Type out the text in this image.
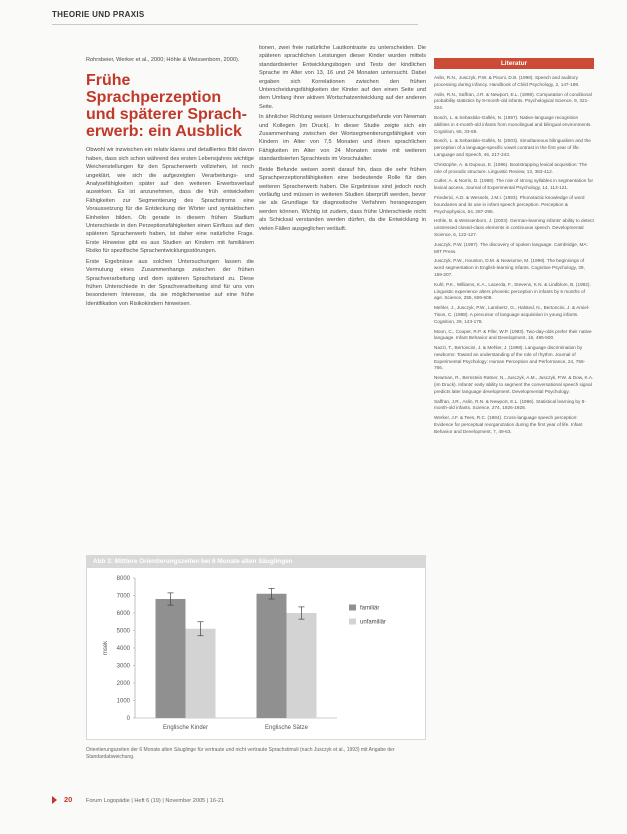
THEORIE UND PRAXIS

Rohrsbeier, Werker et al., 2000; Höhle & Weissenborn, 2000).

Frühe Sprachperzeption und späterer Spracherwerb: ein Ausblick

Obwohl wir inzwischen ein relativ klares und detailliertes Bild davon haben, dass sich schon während des ersten Lebensjahres wichtige Weichenstellungen für den Spracherwerb vollziehen, ist noch ungeklärt, wie sich die aufgezeigten Verarbeitungs- und Analysefähigkeiten später auf den weiteren Erwerbsverlauf auswirken. Es ist anzunehmen, dass die früh entwickelten Fähigkeiten zur Segmentierung des Sprachstroms eine Voraussetzung für die Entdeckung der Wörter und syntaktischen Einheiten bilden. Ob gerade in diesem frühen Stadium Unterschiede in den Perzeptionsfähigkeiten einen Einfluss auf den späteren Spracherwerb haben, ist daher eine natürliche Frage. Erste Hinweise gibt es aus Studien an Kindern mit familiärem Risiko für spezifische Sprachentwicklungsstörungen.

Erste Ergebnisse aus solchen Untersuchungen lassen die Vermutung eines Zusammenhangs zwischen der frühen Sprachverarbeitung und dem späteren Sprachstand zu. Diese frühen Unterschiede in der Sprachverarbeitung sind für uns von besonderem Interesse, da sie möglicherweise auf eine frühe Identifikation von Risikokindern hinweisen.

tionen, zwei freie natürliche Lautkontraste zu unterscheiden. Die späteren sprachlichen Leistungen dieser Kinder wurden mittels standardisierter Entwicklungsbogen und Tests der kindlichen Sprache im Alter von 13, 16 und 24 Monaten untersucht. Dabei ergaben sich Korrelationen zwischen den frühen Unterscheidungsfähigkeiten der Kinder auf den einen Seite und dem Umfang ihrer aktiven Wortschatzentwicklung auf der anderen Seite.

In ähnlicher Richtung weisen Untersuchungsbefunde von Newman und Kollegen (im Druck). In dieser Studie zeigte sich ein Zusammenhang zwischen der Wortsegmentierungsfähigkeit von Kindern im Alter von 7,5 Monaten und ihren sprachlichen Fähigkeiten im Alter von 24 Monaten sowie mit weiteren standardisierten Sprachtests im Vorschulalter.

Beide Befunde weisen somit darauf hin, dass die sehr frühen Sprachperzeptionsfähigkeiten eine bedeutende Rolle für den weiteren Spracherwerb haben. Die Ergebnisse sind jedoch noch vorläufig und müssen in weiteren Studien überprüft werden, bevor sie als Grundlage für diagnostische Verfahren herangezogen werden können. Wichtig ist zudem, dass frühe Unterschiede nicht als Schicksal verstanden werden dürfen, da die Entwicklung in vielen Fällen ausgeglichen verläuft.

Literatur
Aslin, R.N., Jusczyk, P.W. & Pisoni, D.B. (1998). Speech and auditory processing during infancy. Handbook of Child Psychology, 2, 147-198.
Aslin, R.N., Saffran, J.R. & Newport, E.L. (1998). Computation of conditional probability statistics by 8-month-old infants. Psychological Science, 9, 321-324.
Bosch, L. & Sebastián-Gallés, N. (1997). Native-language recognition abilities in 4-month-old infants from monolingual and bilingual environments. Cognition, 65, 33-69.
Bosch, L. & Sebastián-Gallés, N. (2003). Simultaneous bilingualism and the perception of a language-specific vowel contrast in the first year of life. Language and Speech, 46, 217-243.
Christophe, A. & Dupoux, E. (1996). Bootstrapping lexical acquisition: The role of prosodic structure. Linguistic Review, 13, 383-412.
Cutler, A. & Norris, D. (1988). The role of strong syllables in segmentation for lexical access. Journal of Experimental Psychology, 14, 113-121.
Friederici, A.D. & Wessels, J.M.I. (1993). Phonotactic knowledge of word boundaries and its use in infant speech perception. Perception & Psychophysics, 54, 287-295.
Höhle, B. & Weissenborn, J. (2003). German-learning infants' ability to detect unstressed closed-class elements in continuous speech. Developmental Science, 6, 122-127.
Jusczyk, P.W. (1997). The discovery of spoken language. Cambridge, MA: MIT Press.
Jusczyk, P.W., Houston, D.M. & Newsome, M. (1999). The beginnings of word segmentation in English-learning infants. Cognitive Psychology, 39, 159-207.
Kuhl, P.K., Williams, K.A., Lacerda, F., Stevens, K.N. & Lindblom, B. (1992). Linguistic experience alters phonetic perception in infants by 6 months of age. Science, 255, 606-608.
Mehler, J., Jusczyk, P.W., Lambertz, G., Halsted, N., Bertoncini, J. & Amiel-Tison, C. (1988). A precursor of language acquisition in young infants. Cognition, 29, 143-178.
Moon, C., Cooper, R.P. & Fifer, W.P. (1993). Two-day-olds prefer their native language. Infant Behavior and Development, 16, 495-500.
Nazzi, T., Bertoncini, J. & Mehler, J. (1998). Language discrimination by newborns: Toward an understanding of the role of rhythm. Journal of Experimental Psychology: Human Perception and Performance, 24, 756-766.
Newman, R., Bernstein Ratner, N., Jusczyk, A.M., Jusczyk, P.W. & Dow, K.A. (im Druck). Infants' early ability to segment the conversational speech signal predicts later language development. Developmental Psychology.
Saffran, J.R., Aslin, R.N. & Newport, E.L. (1996). Statistical learning by 8-month-old infants. Science, 274, 1926-1928.
Werker, J.F. & Tees, R.C. (1984). Cross-language speech perception: Evidence for perceptual reorganization during the first year of life. Infant Behavior and Development, 7, 49-63.
Abb 3: Mittlere Orientierungszeiten bei 6 Monate alten Säuglingen
0
1000
2000
3000
4000
5000
6000
7000
8000
msek
Englische Kinder	Englische Sätze
familiär
unfamiliär
Orientierungszeiten der 6 Monate alten Säuglinge für vertraute und nicht vertraute Sprachstimuli (nach Jusczyk et al., 1993) mit Angabe der Standardabweichung.
20 Forum Logopädie | Heft 6 (19) | November 2005 | 16-21
